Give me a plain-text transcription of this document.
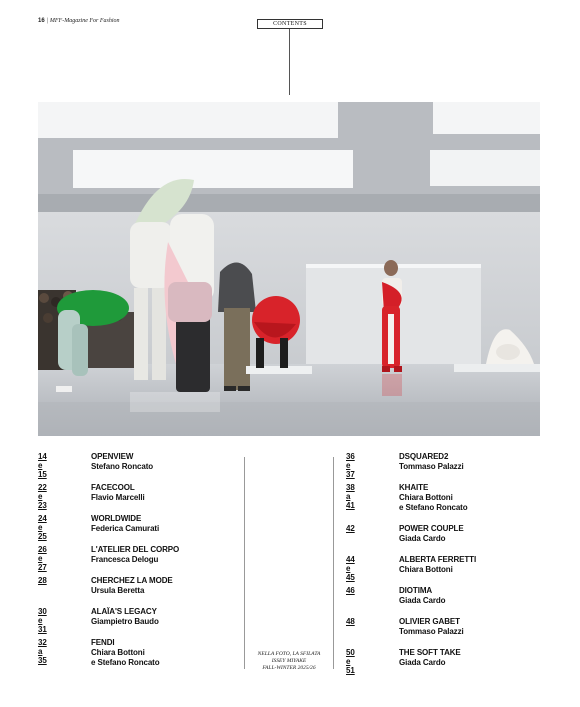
16 | MFF-Magazine For Fashion	CONTENTS
14 e 15
OPENVIEW
Stefano Roncato
22 e 23
FACECOOL
Flavio Marcelli
24 e 25
WORLDWIDE
Federica Camurati
26 e 27
L'ATELIER DEL CORPO
Francesca Delogu
28	CHERCHEZ LA MODE
Ursula Beretta
30 e 31
ALAÏA'S LEGACY
Giampietro Baudo
32 a 35
FENDI
Chiara Bottoni
e Stefano Roncato
NELLA FOTO, LA SFILATA
ISSEY MIYAKE
FALL-WINTER 2025/26
36 e 37
DSQUARED2
Tommaso Palazzi
38 a 41
KHAITE
Chiara Bottoni
e Stefano Roncato
42	POWER COUPLE
Giada Cardo
44 e 45
ALBERTA FERRETTI
Chiara Bottoni
46	DIOTIMA
Giada Cardo
48	OLIVIER GABET
Tommaso Palazzi
50 e 51
THE SOFT TAKE
Giada Cardo
